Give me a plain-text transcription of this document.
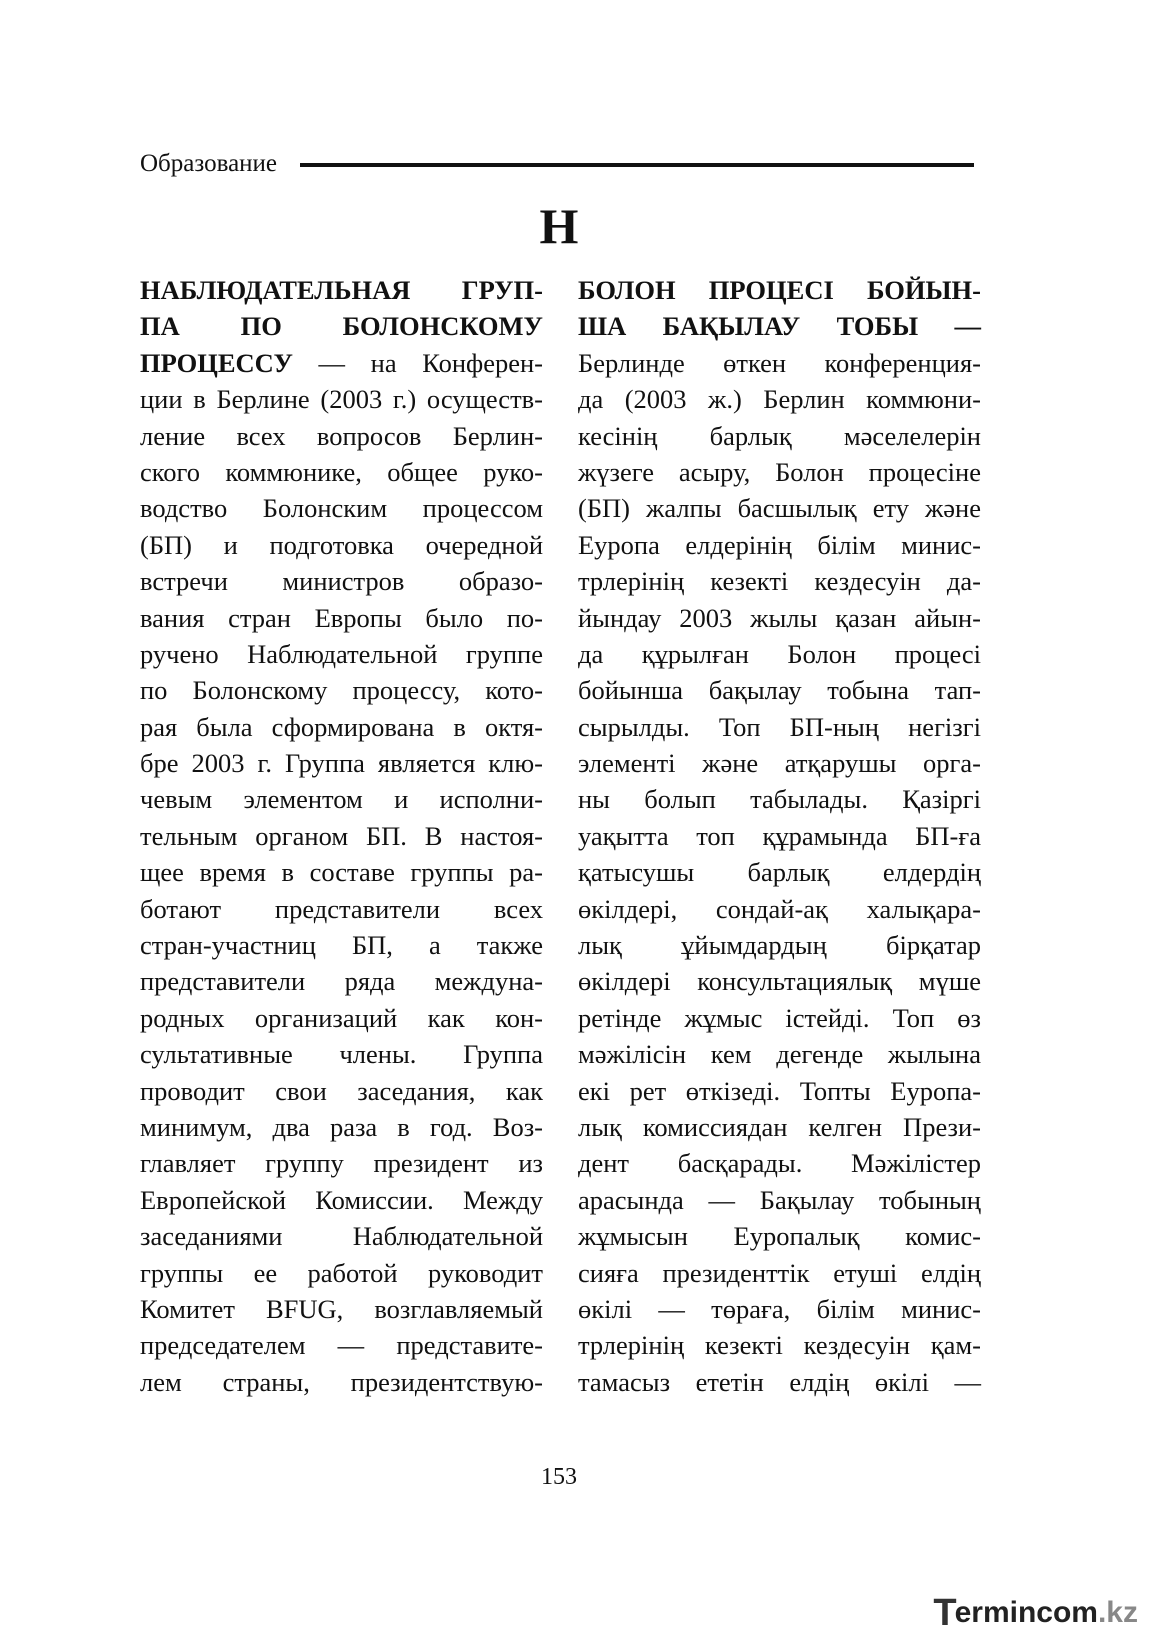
Образование
Н
НАБЛЮДАТЕЛЬНАЯ ГРУП-
ПА ПО БОЛОНСКОМУ
ПРОЦЕССУ — на Конферен-
ции в Берлине (2003 г.) осуществ-
ление всех вопросов Берлин-
ского коммюнике, общее руко-
водство Болонским процессом
(БП) и подготовка очередной
встречи министров образо-
вания стран Европы было по-
ручено Наблюдательной группе
по Болонскому процессу, кото-
рая была сформирована в октя-
бре 2003 г. Группа является клю-
чевым элементом и исполни-
тельным органом БП. В настоя-
щее время в составе группы ра-
ботают представители всех
стран-участниц БП, а также
представители ряда междуна-
родных организаций как кон-
сультативные члены. Группа
проводит свои заседания, как
минимум, два раза в год. Воз-
главляет группу президент из
Европейской Комиссии. Между
заседаниями Наблюдательной
группы ее работой руководит
Комитет BFUG, возглавляемый
председателем — представите-
лем страны, президентствую-
БОЛОН ПРОЦЕСІ БОЙЫН-
ША БАҚЫЛАУ ТОБЫ —
Берлинде өткен конференция-
да (2003 ж.) Берлин коммюни-
кесінің барлық мәселелерін
жүзеге асыру, Болон процесіне
(БП) жалпы басшылық ету және
Еуропа елдерінің білім минис-
трлерінің кезекті кездесуін да-
йындау 2003 жылы қазан айын-
да құрылған Болон процесі
бойынша бақылау тобына тап-
сырылды. Топ БП-ның негізгі
элементі және атқарушы орга-
ны болып табылады. Қазіргі
уақытта топ құрамында БП-ға
қатысушы барлық елдердің
өкілдері, сондай-ақ халықара-
лық ұйымдардың бірқатар
өкілдері консультациялық мүше
ретінде жұмыс істейді. Топ өз
мәжілісін кем дегенде жылына
екі рет өткізеді. Топты Еуропа-
лық комиссиядан келген Прези-
дент басқарады. Мәжілістер
арасында — Бақылау тобының
жұмысын Еуропалық комис-
сияға президенттік етуші елдің
өкілі — төраға, білім минис-
трлерінің кезекті кездесуін қам-
тамасыз ететін елдің өкілі —
153
T
ermincom .kz
